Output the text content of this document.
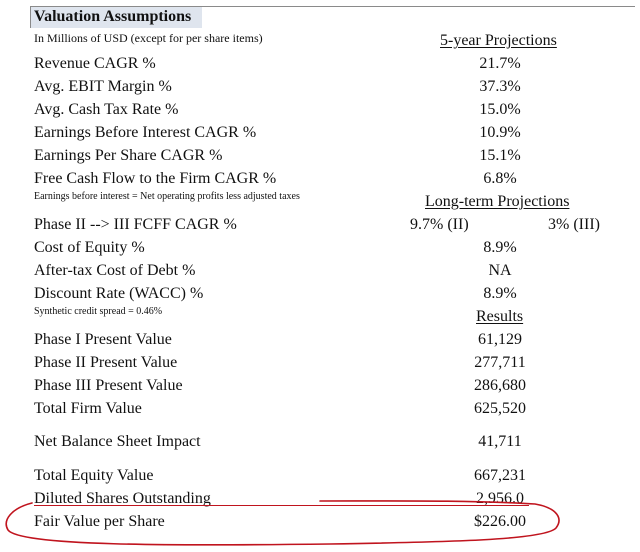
Valuation Assumptions
In Millions of USD (except for per share items)	5-year Projections
Revenue CAGR %	21.7%
Avg. EBIT Margin %	37.3%
Avg. Cash Tax Rate %	15.0%
Earnings Before Interest CAGR %	10.9%
Earnings Per Share CAGR %	15.1%
Free Cash Flow to the Firm CAGR %	6.8%
Earnings before interest = Net operating profits less adjusted taxes	Long-term Projections
Phase II --> III FCFF CAGR %	9.7% (II)	3% (III)
Cost of Equity %	8.9%
After-tax Cost of Debt %	NA
Discount Rate (WACC) %	8.9%
Synthetic credit spread = 0.46%	Results
Phase I Present Value	61,129
Phase II Present Value	277,711
Phase III Present Value	286,680
Total Firm Value	625,520
Net Balance Sheet Impact	41,711
Total Equity Value	667,231
Diluted Shares Outstanding	2,956.0
Fair Value per Share	$226.00
